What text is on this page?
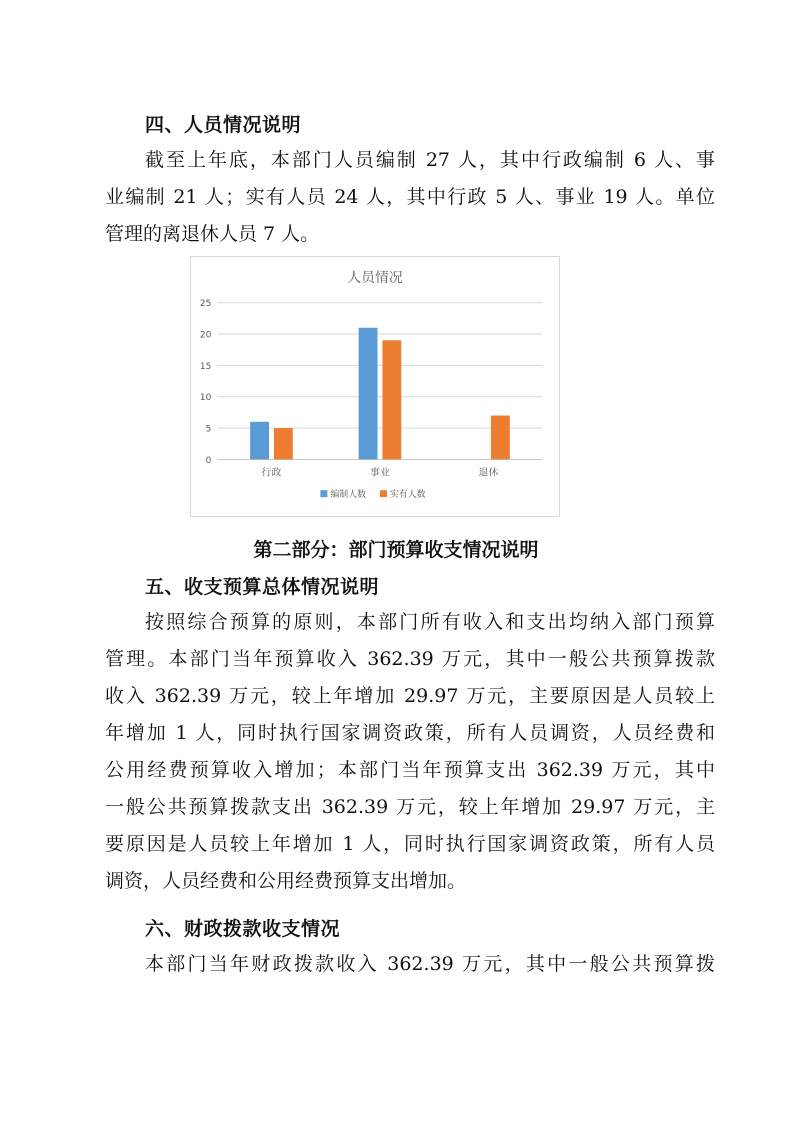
四、人员情况说明
截至上年底，本部门人员编制 27 人，其中行政编制 6 人、事
业编制 21 人；实有人员 24 人，其中行政 5 人、事业 19 人。单位
管理的离退休人员 7 人。
人员情况
0
5
10
15
20
25
行政	事业	退休
编制人数	实有人数
第二部分：部门预算收支情况说明
五、收支预算总体情况说明
按照综合预算的原则，本部门所有收入和支出均纳入部门预算
管理。本部门当年预算收入 362.39 万元，其中一般公共预算拨款
收入 362.39 万元，较上年增加 29.97 万元，主要原因是人员较上
年增加 1 人，同时执行国家调资政策，所有人员调资，人员经费和
公用经费预算收入增加；本部门当年预算支出 362.39 万元，其中
一般公共预算拨款支出 362.39 万元，较上年增加 29.97 万元，主
要原因是人员较上年增加 1 人，同时执行国家调资政策，所有人员
调资，人员经费和公用经费预算支出增加。
六、财政拨款收支情况
本部门当年财政拨款收入 362.39 万元，其中一般公共预算拨
